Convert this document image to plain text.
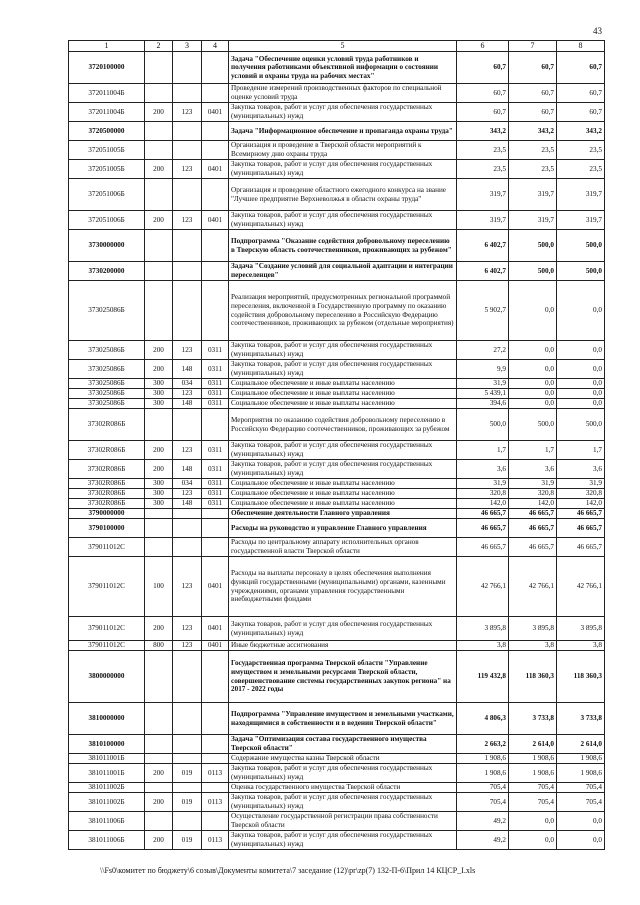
43
1	2	3	4	5	6	7	8
3720100000				Задача "Обеспечение оценки условий труда работников и получения работниками объективной информации о состоянии условий и охраны труда на рабочих местах"	60,7	60,7	60,7
372011004Б				Проведение измерений производственных факторов по специальной оценке условий труда	60,7	60,7	60,7
372011004Б	200	123	0401	Закупка товаров, работ и услуг для обеспечения государственных (муниципальных) нужд	60,7	60,7	60,7
3720500000				Задача "Информационное обеспечение и пропаганда охраны труда"	343,2	343,2	343,2
372051005Б				Организация и проведение в Тверской области мероприятий к Всемирному дню охраны труда	23,5	23,5	23,5
372051005Б	200	123	0401	Закупка товаров, работ и услуг для обеспечения государственных (муниципальных) нужд	23,5	23,5	23,5
372051006Б				Организация и проведение областного ежегодного конкурса на звание "Лучшее предприятие Верхневолжья в области охраны труда"	319,7	319,7	319,7
372051006Б	200	123	0401	Закупка товаров, работ и услуг для обеспечения государственных (муниципальных) нужд	319,7	319,7	319,7
3730000000				Подпрограмма "Оказание содействия добровольному переселению в Тверскую область соотечественников, проживающих за рубежом"	6 402,7	500,0	500,0
3730200000				Задача "Создание условий для социальной адаптации и интеграции переселенцев"	6 402,7	500,0	500,0
373025086Б				Реализация мероприятий, предусмотренных региональной программой переселения, включенной в Государственную программу по оказанию содействия добровольному переселению в Российскую Федерацию соотечественников, проживающих за рубежом (отдельные мероприятия)	5 902,7	0,0	0,0
373025086Б	200	123	0311	Закупка товаров, работ и услуг для обеспечения государственных (муниципальных) нужд	27,2	0,0	0,0
373025086Б	200	148	0311	Закупка товаров, работ и услуг для обеспечения государственных (муниципальных) нужд	9,9	0,0	0,0
373025086Б	300	034	0311	Социальное обеспечение и иные выплаты населению	31,9	0,0	0,0
373025086Б	300	123	0311	Социальное обеспечение и иные выплаты населению	5 439,1	0,0	0,0
373025086Б	300	148	0311	Социальное обеспечение и иные выплаты населению	394,6	0,0	0,0
37302R086Б				Мероприятия по оказанию содействия добровольному переселению в Российскую Федерацию соотечественников, проживающих за рубежом	500,0	500,0	500,0
37302R086Б	200	123	0311	Закупка товаров, работ и услуг для обеспечения государственных (муниципальных) нужд	1,7	1,7	1,7
37302R086Б	200	148	0311	Закупка товаров, работ и услуг для обеспечения государственных (муниципальных) нужд	3,6	3,6	3,6
37302R086Б	300	034	0311	Социальное обеспечение и иные выплаты населению	31,9	31,9	31,9
37302R086Б	300	123	0311	Социальное обеспечение и иные выплаты населению	320,8	320,8	320,8
37302R086Б	300	148	0311	Социальное обеспечение и иные выплаты населению	142,0	142,0	142,0
3790000000				Обеспечение деятельности Главного управления	46 665,7	46 665,7	46 665,7
3790100000				Расходы на руководство и управление Главного управления	46 665,7	46 665,7	46 665,7
379011012С				Расходы по центральному аппарату исполнительных органов государственной власти Тверской области	46 665,7	46 665,7	46 665,7
379011012С	100	123	0401	Расходы на выплаты персоналу в целях обеспечения выполнения функций государственными (муниципальными) органами, казенными учреждениями, органами управления государственными внебюджетными фондами	42 766,1	42 766,1	42 766,1
379011012С	200	123	0401	Закупка товаров, работ и услуг для обеспечения государственных (муниципальных) нужд	3 895,8	3 895,8	3 895,8
379011012С	800	123	0401	Иные бюджетные ассигнования	3,8	3,8	3,8
3800000000				Государственная программа Тверской области "Управление имуществом и земельными ресурсами Тверской области, совершенствование системы государственных закупок региона" на 2017 - 2022 годы	119 432,8	118 360,3	118 360,3
3810000000				Подпрограмма "Управление имуществом и земельными участками, находящимися в собственности и в ведении Тверской области"	4 806,3	3 733,8	3 733,8
3810100000				Задача "Оптимизация состава государственного имущества Тверской области"	2 663,2	2 614,0	2 614,0
381011001Б				Содержание имущества казны Тверской области	1 908,6	1 908,6	1 908,6
381011001Б	200	019	0113	Закупка товаров, работ и услуг для обеспечения государственных (муниципальных) нужд	1 908,6	1 908,6	1 908,6
381011002Б				Оценка государственного имущества Тверской области	705,4	705,4	705,4
381011002Б	200	019	0113	Закупка товаров, работ и услуг для обеспечения государственных (муниципальных) нужд	705,4	705,4	705,4
381011006Б				Осуществление государственной регистрации права собственности Тверской области	49,2	0,0	0,0
381011006Б	200	019	0113	Закупка товаров, работ и услуг для обеспечения государственных (муниципальных) нужд	49,2	0,0	0,0
\\Fs0\комитет по бюджету\6 созыв\Документы комитета\7 заседание (12)\pr\zp(7) 132-П-6\Прил 14 КЦСР_I.xls
